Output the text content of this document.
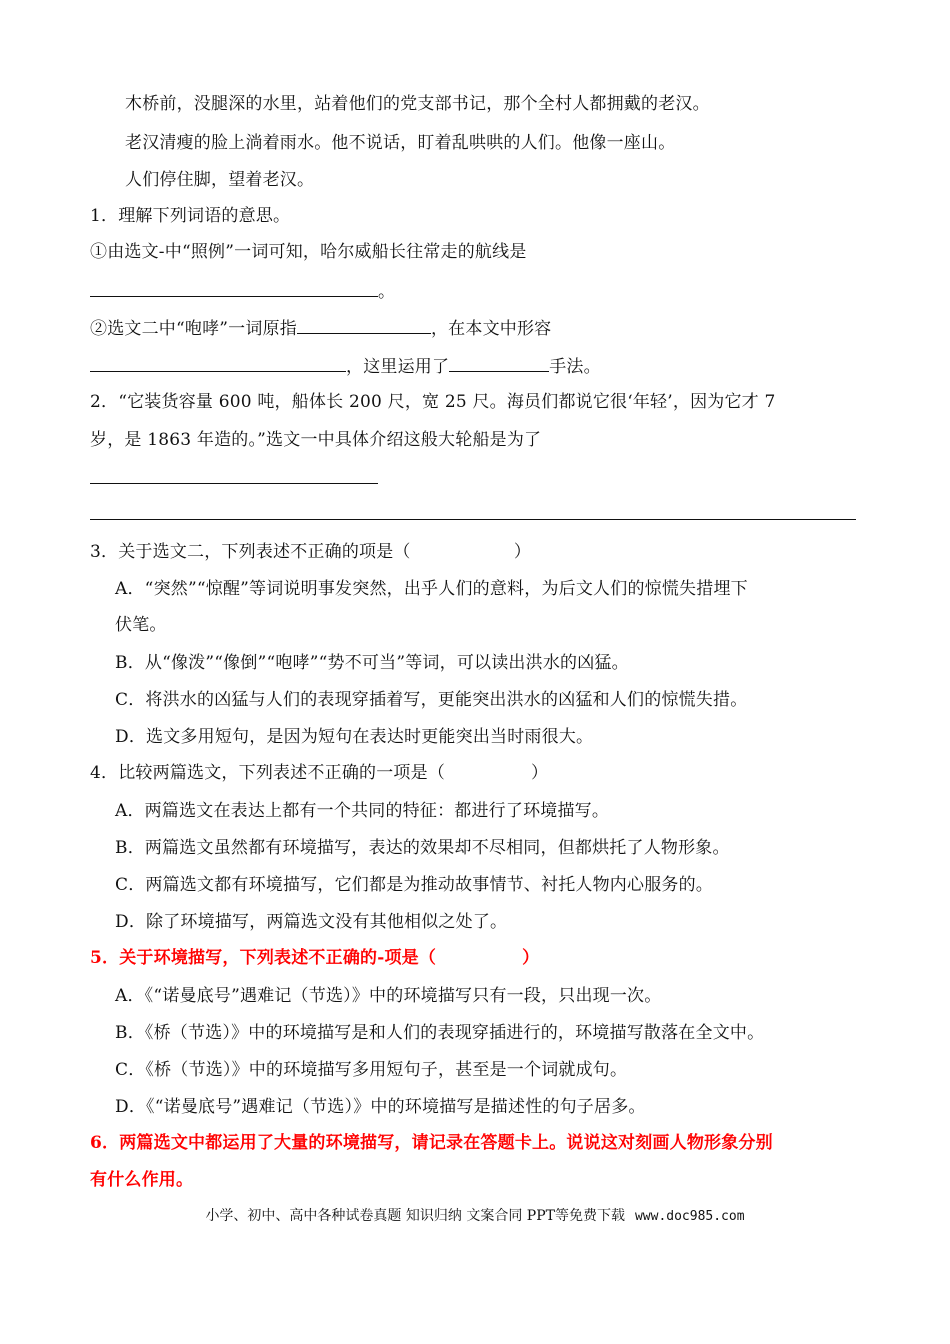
木桥前，没腿深的水里，站着他们的党支部书记，那个全村人都拥戴的老汉。
老汉清瘦的脸上淌着雨水。他不说话，盯着乱哄哄的人们。他像一座山。
人们停住脚，望着老汉。
1．理解下列词语的意思。
①由选文-中“照例”一词可知，哈尔威船长往常走的航线是
。
②选文二中“咆哮”一词原指	，在本文中形容
，这里运用了	手法。
2．“它装货容量 600 吨，船体长 200 尺，宽 25 尺。海员们都说它很‘年轻’，因为它才 7
岁，是 1863 年造的。”选文一中具体介绍这般大轮船是为了
3．关于选文二，下列表述不正确的项是（　　　　　　）
A．“突然”“惊醒”等词说明事发突然，出乎人们的意料，为后文人们的惊慌失措埋下
伏笔。
B．从“像泼”“像倒”“咆哮”“势不可当”等词，可以读出洪水的凶猛。
C．将洪水的凶猛与人们的表现穿插着写，更能突出洪水的凶猛和人们的惊慌失措。
D．选文多用短句，是因为短句在表达时更能突出当时雨很大。
4．比较两篇选文，下列表述不正确的一项是（　　　　　）
A．两篇选文在表达上都有一个共同的特征：都进行了环境描写。
B．两篇选文虽然都有环境描写，表达的效果却不尽相同，但都烘托了人物形象。
C．两篇选文都有环境描写，它们都是为推动故事情节、衬托人物内心服务的。
D．除了环境描写，两篇选文没有其他相似之处了。
5．关于环境描写，下列表述不正确的-项是（　　　　　）
A．《“诺曼底号”遇难记（节选）》中的环境描写只有一段，只出现一次。
B．《桥（节选）》中的环境描写是和人们的表现穿插进行的，环境描写散落在全文中。
C．《桥（节选）》中的环境描写多用短句子，甚至是一个词就成句。
D．《“诺曼底号”遇难记（节选）》中的环境描写是描述性的句子居多。
6．两篇选文中都运用了大量的环境描写，请记录在答题卡上。说说这对刻画人物形象分别
有什么作用。
小学、初中、高中各种试卷真题 知识归纳 文案合同 PPT等免费下载 www.doc985.com
